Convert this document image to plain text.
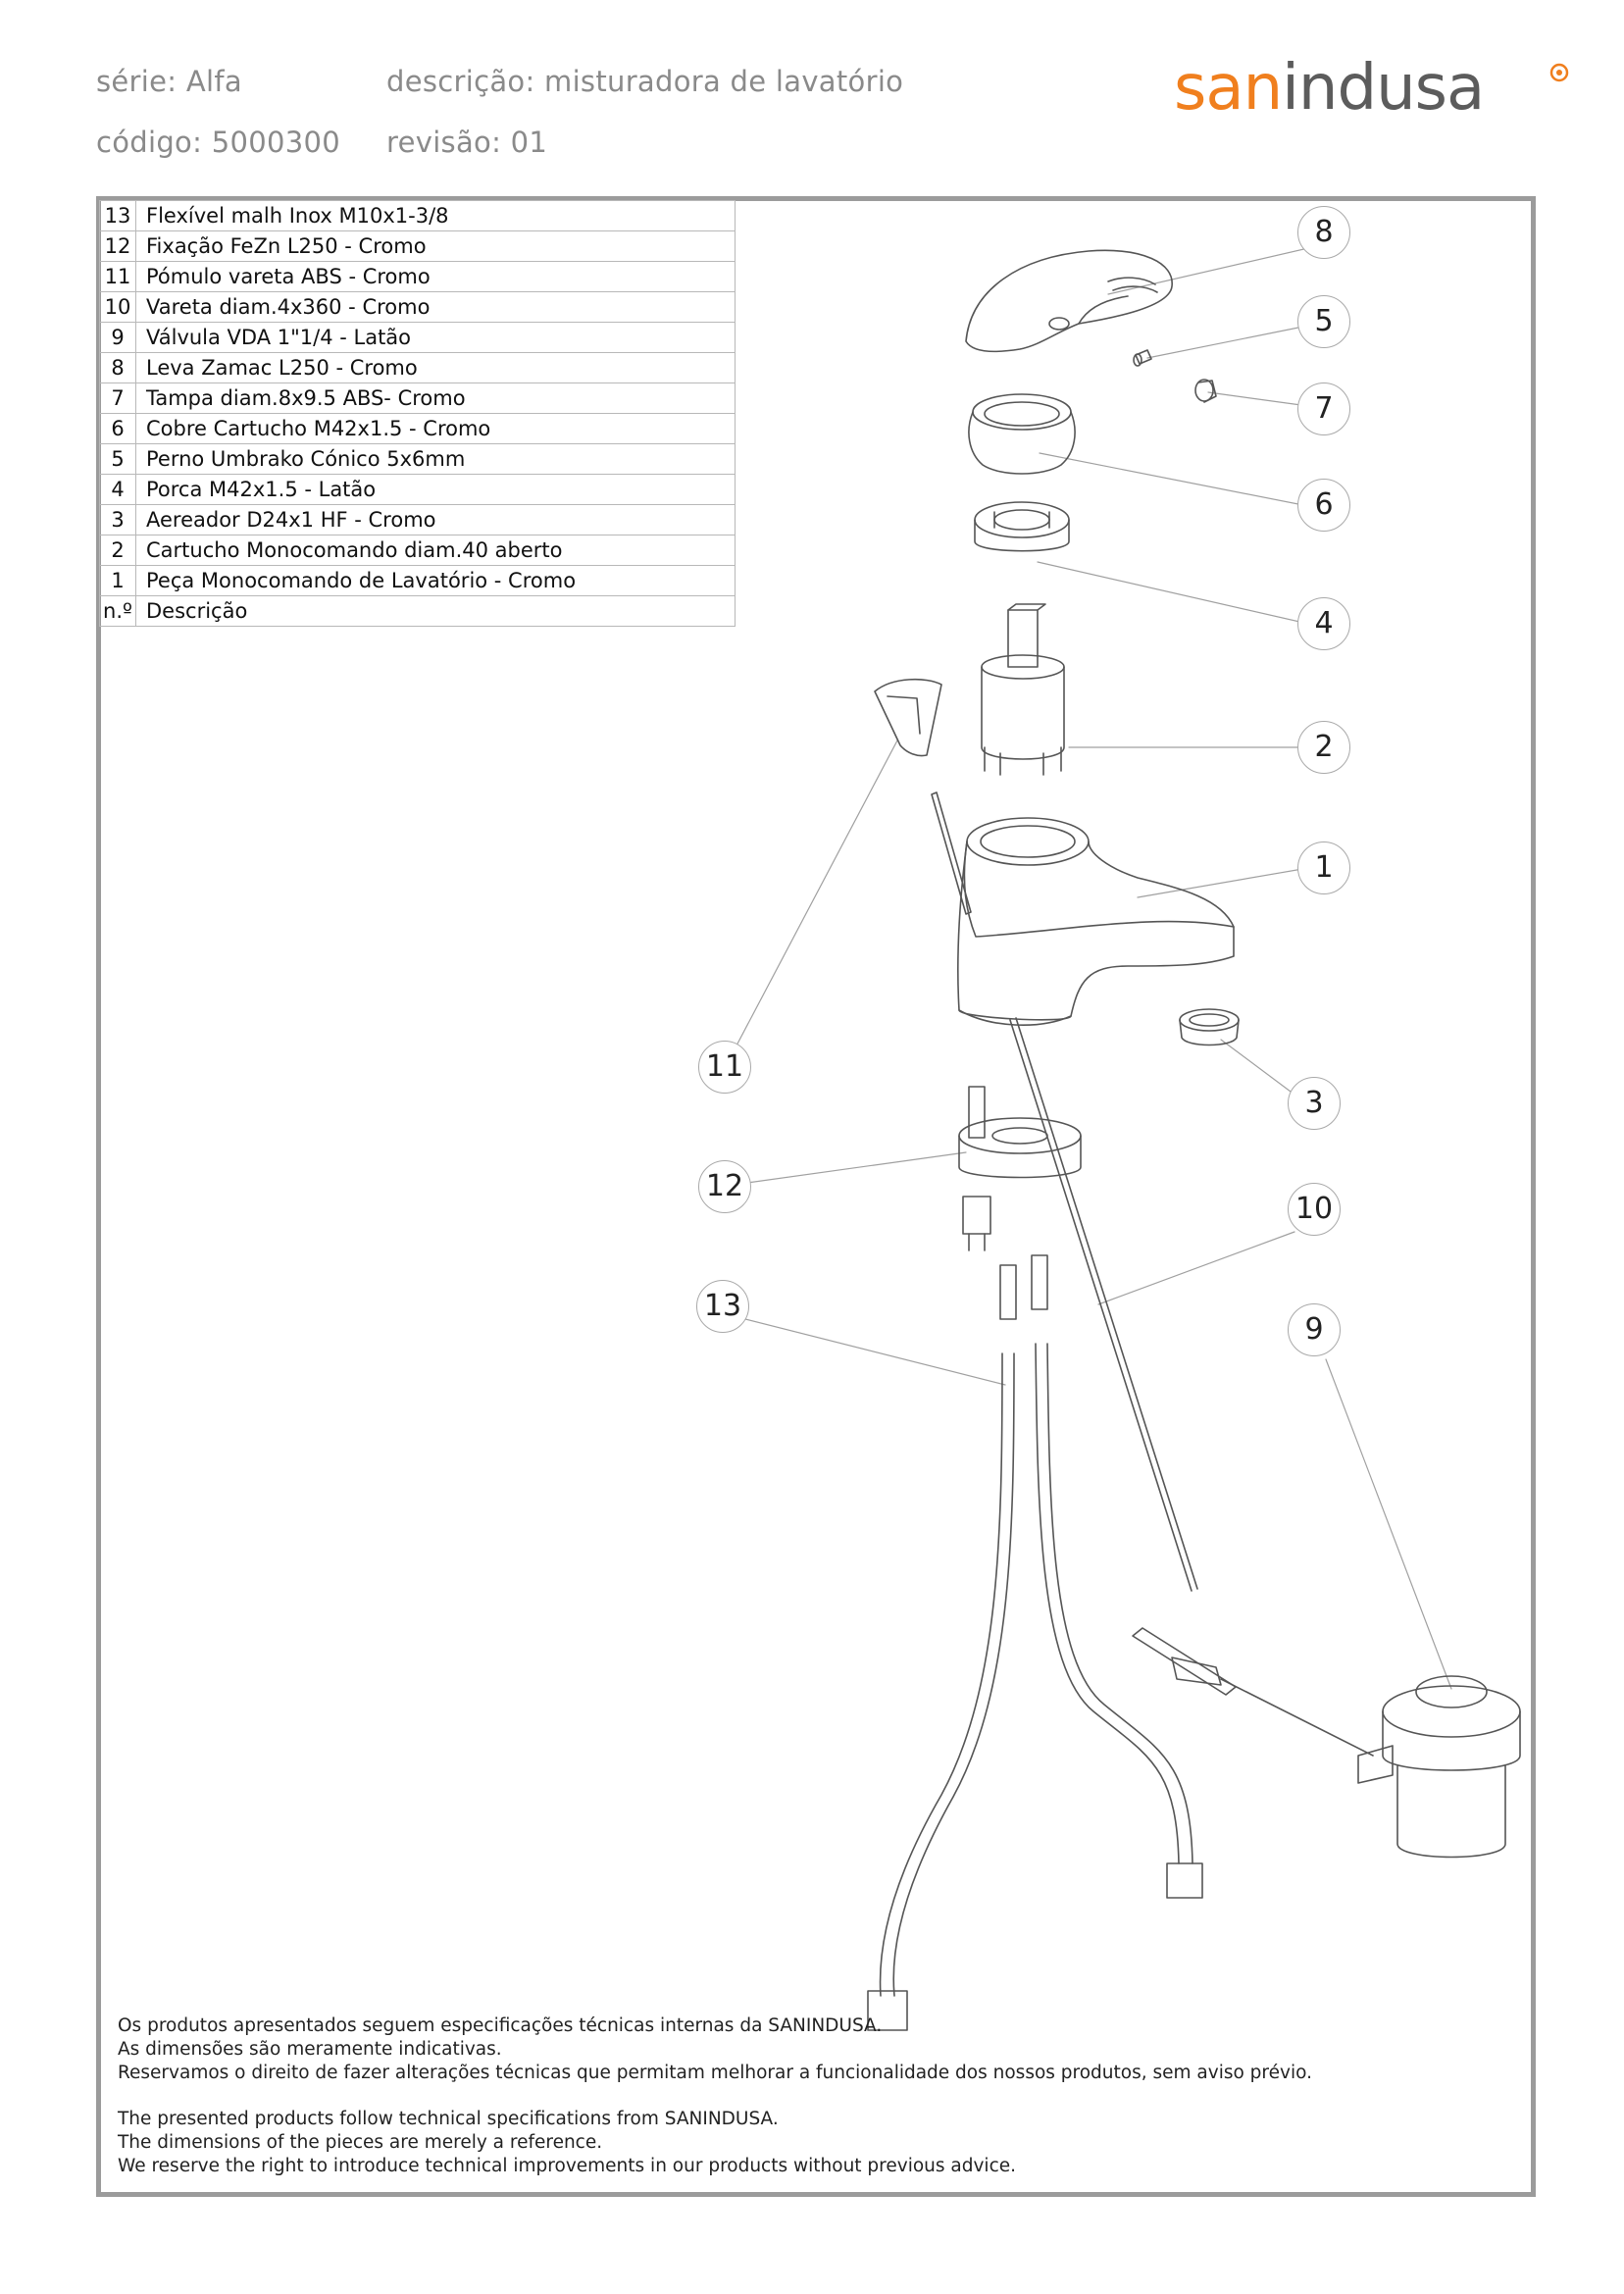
série: Alfa	descrição: misturadora de lavatório
código: 5000300 revisão: 01
sanindusa
13	Flexível malh Inox M10x1-3/8
12	Fixação FeZn L250 - Cromo
11	Pómulo vareta ABS - Cromo
10	Vareta diam.4x360 - Cromo
9	Válvula VDA 1"1/4 - Latão
8	Leva Zamac L250 - Cromo
7	Tampa diam.8x9.5 ABS- Cromo
6	Cobre Cartucho M42x1.5 - Cromo
5	Perno Umbrako Cónico 5x6mm
4	Porca M42x1.5 - Latão
3	Aereador D24x1 HF - Cromo
2	Cartucho Monocomando diam.40 aberto
1	Peça Monocomando de Lavatório - Cromo
n.º	Descrição
8
5
7
6
4
2
1
11
3
12
10
13
9
Os produtos apresentados seguem especificações técnicas internas da SANINDUSA.
As dimensões são meramente indicativas.
Reservamos o direito de fazer alterações técnicas que permitam melhorar a funcionalidade dos nossos produtos, sem aviso prévio.
The presented products follow technical specifications from SANINDUSA.
The dimensions of the pieces are merely a reference.
We reserve the right to introduce technical improvements in our products without previous advice.
